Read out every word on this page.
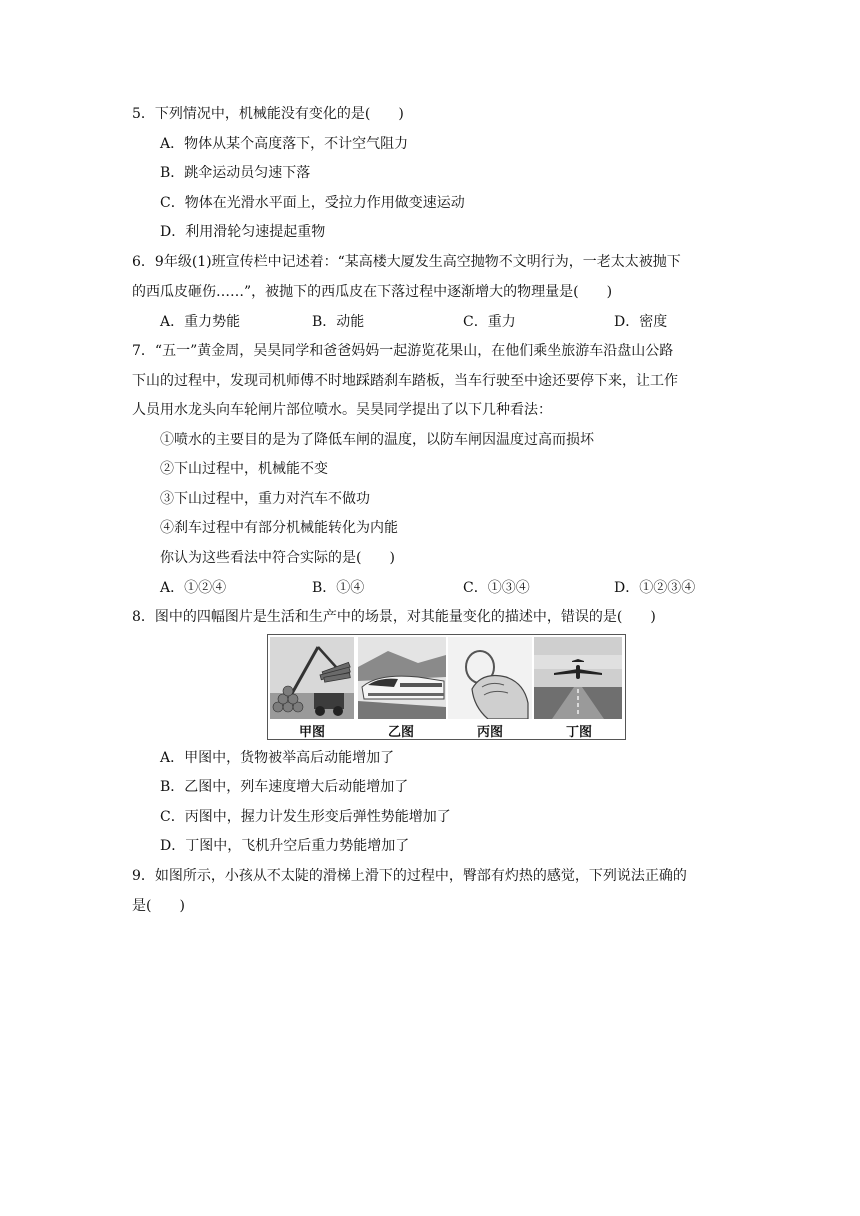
5．下列情况中，机械能没有变化的是(　　)
A．物体从某个高度落下，不计空气阻力
B．跳伞运动员匀速下落
C．物体在光滑水平面上，受拉力作用做变速运动
D．利用滑轮匀速提起重物
6．9年级(1)班宣传栏中记述着：“某高楼大厦发生高空抛物不文明行为，一老太太被抛下
的西瓜皮砸伤……”，被抛下的西瓜皮在下落过程中逐渐增大的物理量是(　　)
A．重力势能	B．动能	C．重力	D．密度
7．“五一”黄金周，吴昊同学和爸爸妈妈一起游览花果山，在他们乘坐旅游车沿盘山公路
下山的过程中，发现司机师傅不时地踩踏刹车踏板，当车行驶至中途还要停下来，让工作
人员用水龙头向车轮闸片部位喷水。吴昊同学提出了以下几种看法：
①喷水的主要目的是为了降低车闸的温度，以防车闸因温度过高而损坏
②下山过程中，机械能不变
③下山过程中，重力对汽车不做功
④刹车过程中有部分机械能转化为内能
你认为这些看法中符合实际的是(　　)
A．①②④	B．①④	C．①③④	D．①②③④
8．图中的四幅图片是生活和生产中的场景，对其能量变化的描述中，错误的是(　　)
甲图	乙图	丙图	丁图
A．甲图中，货物被举高后动能增加了
B．乙图中，列车速度增大后动能增加了
C．丙图中，握力计发生形变后弹性势能增加了
D．丁图中，飞机升空后重力势能增加了
9．如图所示，小孩从不太陡的滑梯上滑下的过程中，臀部有灼热的感觉，下列说法正确的
是(　　)
